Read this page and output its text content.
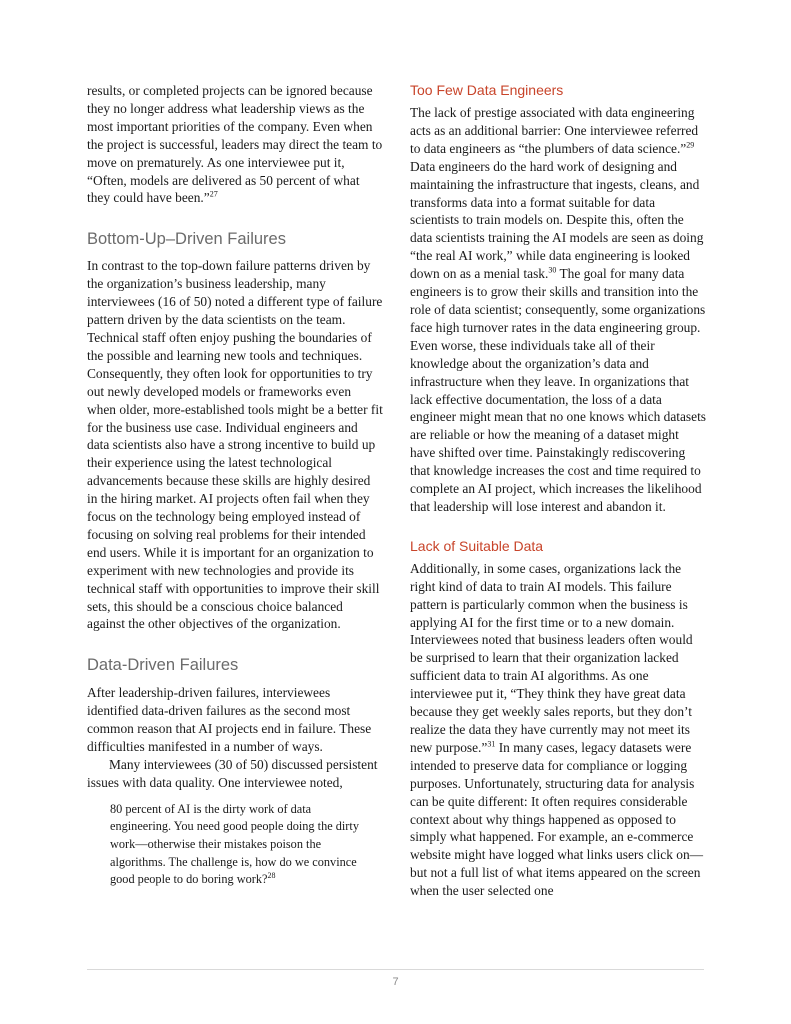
results, or completed projects can be ignored because they no longer address what leadership views as the most important priorities of the company. Even when the project is successful, leaders may direct the team to move on prematurely. As one interviewee put it, “Often, models are delivered as 50 percent of what they could have been.”$^{27}$

Bottom-Up–Driven Failures

In contrast to the top-down failure patterns driven by the organization’s business leadership, many interviewees (16 of 50) noted a different type of failure pattern driven by the data scientists on the team. Technical staff often enjoy pushing the boundaries of the possible and learning new tools and techniques. Consequently, they often look for opportunities to try out newly developed models or frameworks even when older, more-established tools might be a better fit for the business use case. Individual engineers and data scientists also have a strong incentive to build up their experience using the latest technological advancements because these skills are highly desired in the hiring market. AI projects often fail when they focus on the technology being employed instead of focusing on solving real problems for their intended end users. While it is important for an organization to experiment with new technologies and provide its technical staff with opportunities to improve their skill sets, this should be a conscious choice balanced against the other objectives of the organization.

Data-Driven Failures

After leadership-driven failures, interviewees identified data-driven failures as the second most common reason that AI projects end in failure. These difficulties manifested in a number of ways.

Many interviewees (30 of 50) discussed persistent issues with data quality. One interviewee noted,

80 percent of AI is the dirty work of data engineering. You need good people doing the dirty work—otherwise their mistakes poison the algorithms. The challenge is, how do we convince good people to do boring work?$^{28}$

Too Few Data Engineers

The lack of prestige associated with data engineering acts as an additional barrier: One interviewee referred to data engineers as “the plumbers of data science.”$^{29}$ Data engineers do the hard work of designing and maintaining the infrastructure that ingests, cleans, and transforms data into a format suitable for data scientists to train models on. Despite this, often the data scientists training the AI models are seen as doing “the real AI work,” while data engineering is looked down on as a menial task.$^{30}$ The goal for many data engineers is to grow their skills and transition into the role of data scientist; consequently, some organizations face high turnover rates in the data engineering group. Even worse, these individuals take all of their knowledge about the organization’s data and infrastructure when they leave. In organizations that lack effective documentation, the loss of a data engineer might mean that no one knows which datasets are reliable or how the meaning of a dataset might have shifted over time. Painstakingly rediscovering that knowledge increases the cost and time required to complete an AI project, which increases the likelihood that leadership will lose interest and abandon it.

Lack of Suitable Data

Additionally, in some cases, organizations lack the right kind of data to train AI models. This failure pattern is particularly common when the business is applying AI for the first time or to a new domain. Interviewees noted that business leaders often would be surprised to learn that their organization lacked sufficient data to train AI algorithms. As one interviewee put it, “They think they have great data because they get weekly sales reports, but they don’t realize the data they have currently may not meet its new purpose.”$^{31}$ In many cases, legacy datasets were intended to preserve data for compliance or logging purposes. Unfortunately, structuring data for analysis can be quite different: It often requires considerable context about why things happened as opposed to simply what happened. For example, an e-commerce website might have logged what links users click on—but not a full list of what items appeared on the screen when the user selected one

7
